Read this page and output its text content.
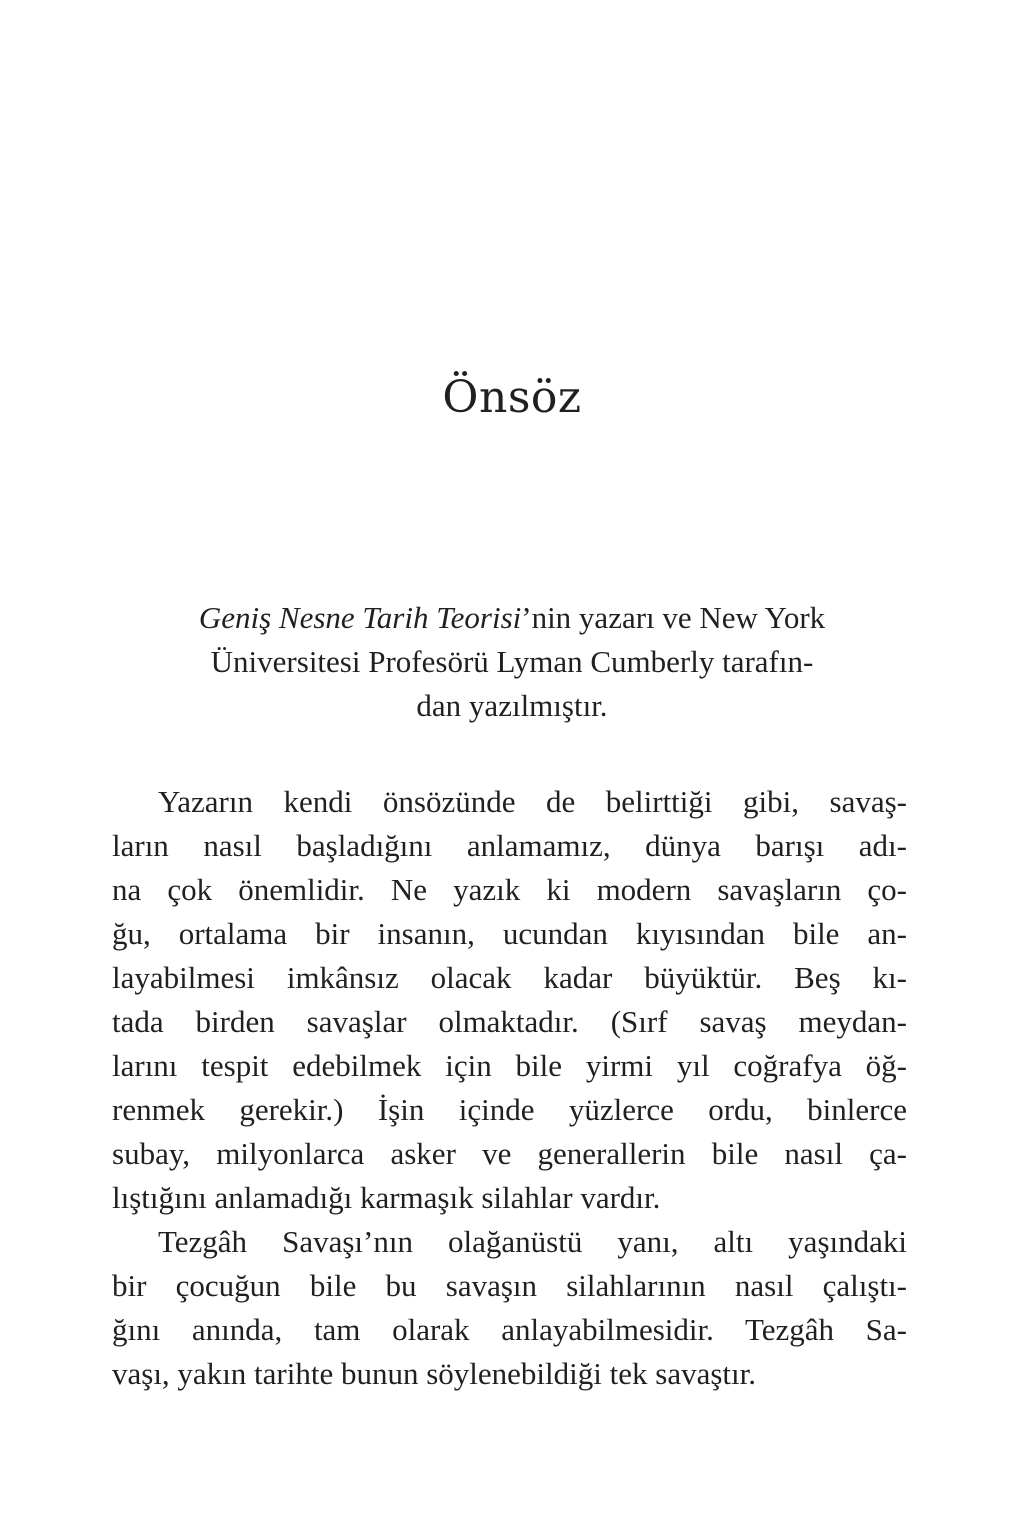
Önsöz
Geniş Nesne Tarih Teorisi’nin yazarı ve New York
Üniversitesi Profesörü Lyman Cumberly tarafın-
dan yazılmıştır.
Yazarın kendi önsözünde de belirttiği gibi, savaş-
ların nasıl başladığını anlamamız, dünya barışı adı-
na çok önemlidir. Ne yazık ki modern savaşların ço-
ğu, ortalama bir insanın, ucundan kıyısından bile an-
layabilmesi imkânsız olacak kadar büyüktür. Beş kı-
tada birden savaşlar olmaktadır. (Sırf savaş meydan-
larını tespit edebilmek için bile yirmi yıl coğrafya öğ-
renmek gerekir.) İşin içinde yüzlerce ordu, binlerce
subay, milyonlarca asker ve generallerin bile nasıl ça-
lıştığını anlamadığı karmaşık silahlar vardır.
Tezgâh Savaşı’nın olağanüstü yanı, altı yaşındaki
bir çocuğun bile bu savaşın silahlarının nasıl çalıştı-
ğını anında, tam olarak anlayabilmesidir. Tezgâh Sa-
vaşı, yakın tarihte bunun söylenebildiği tek savaştır.
